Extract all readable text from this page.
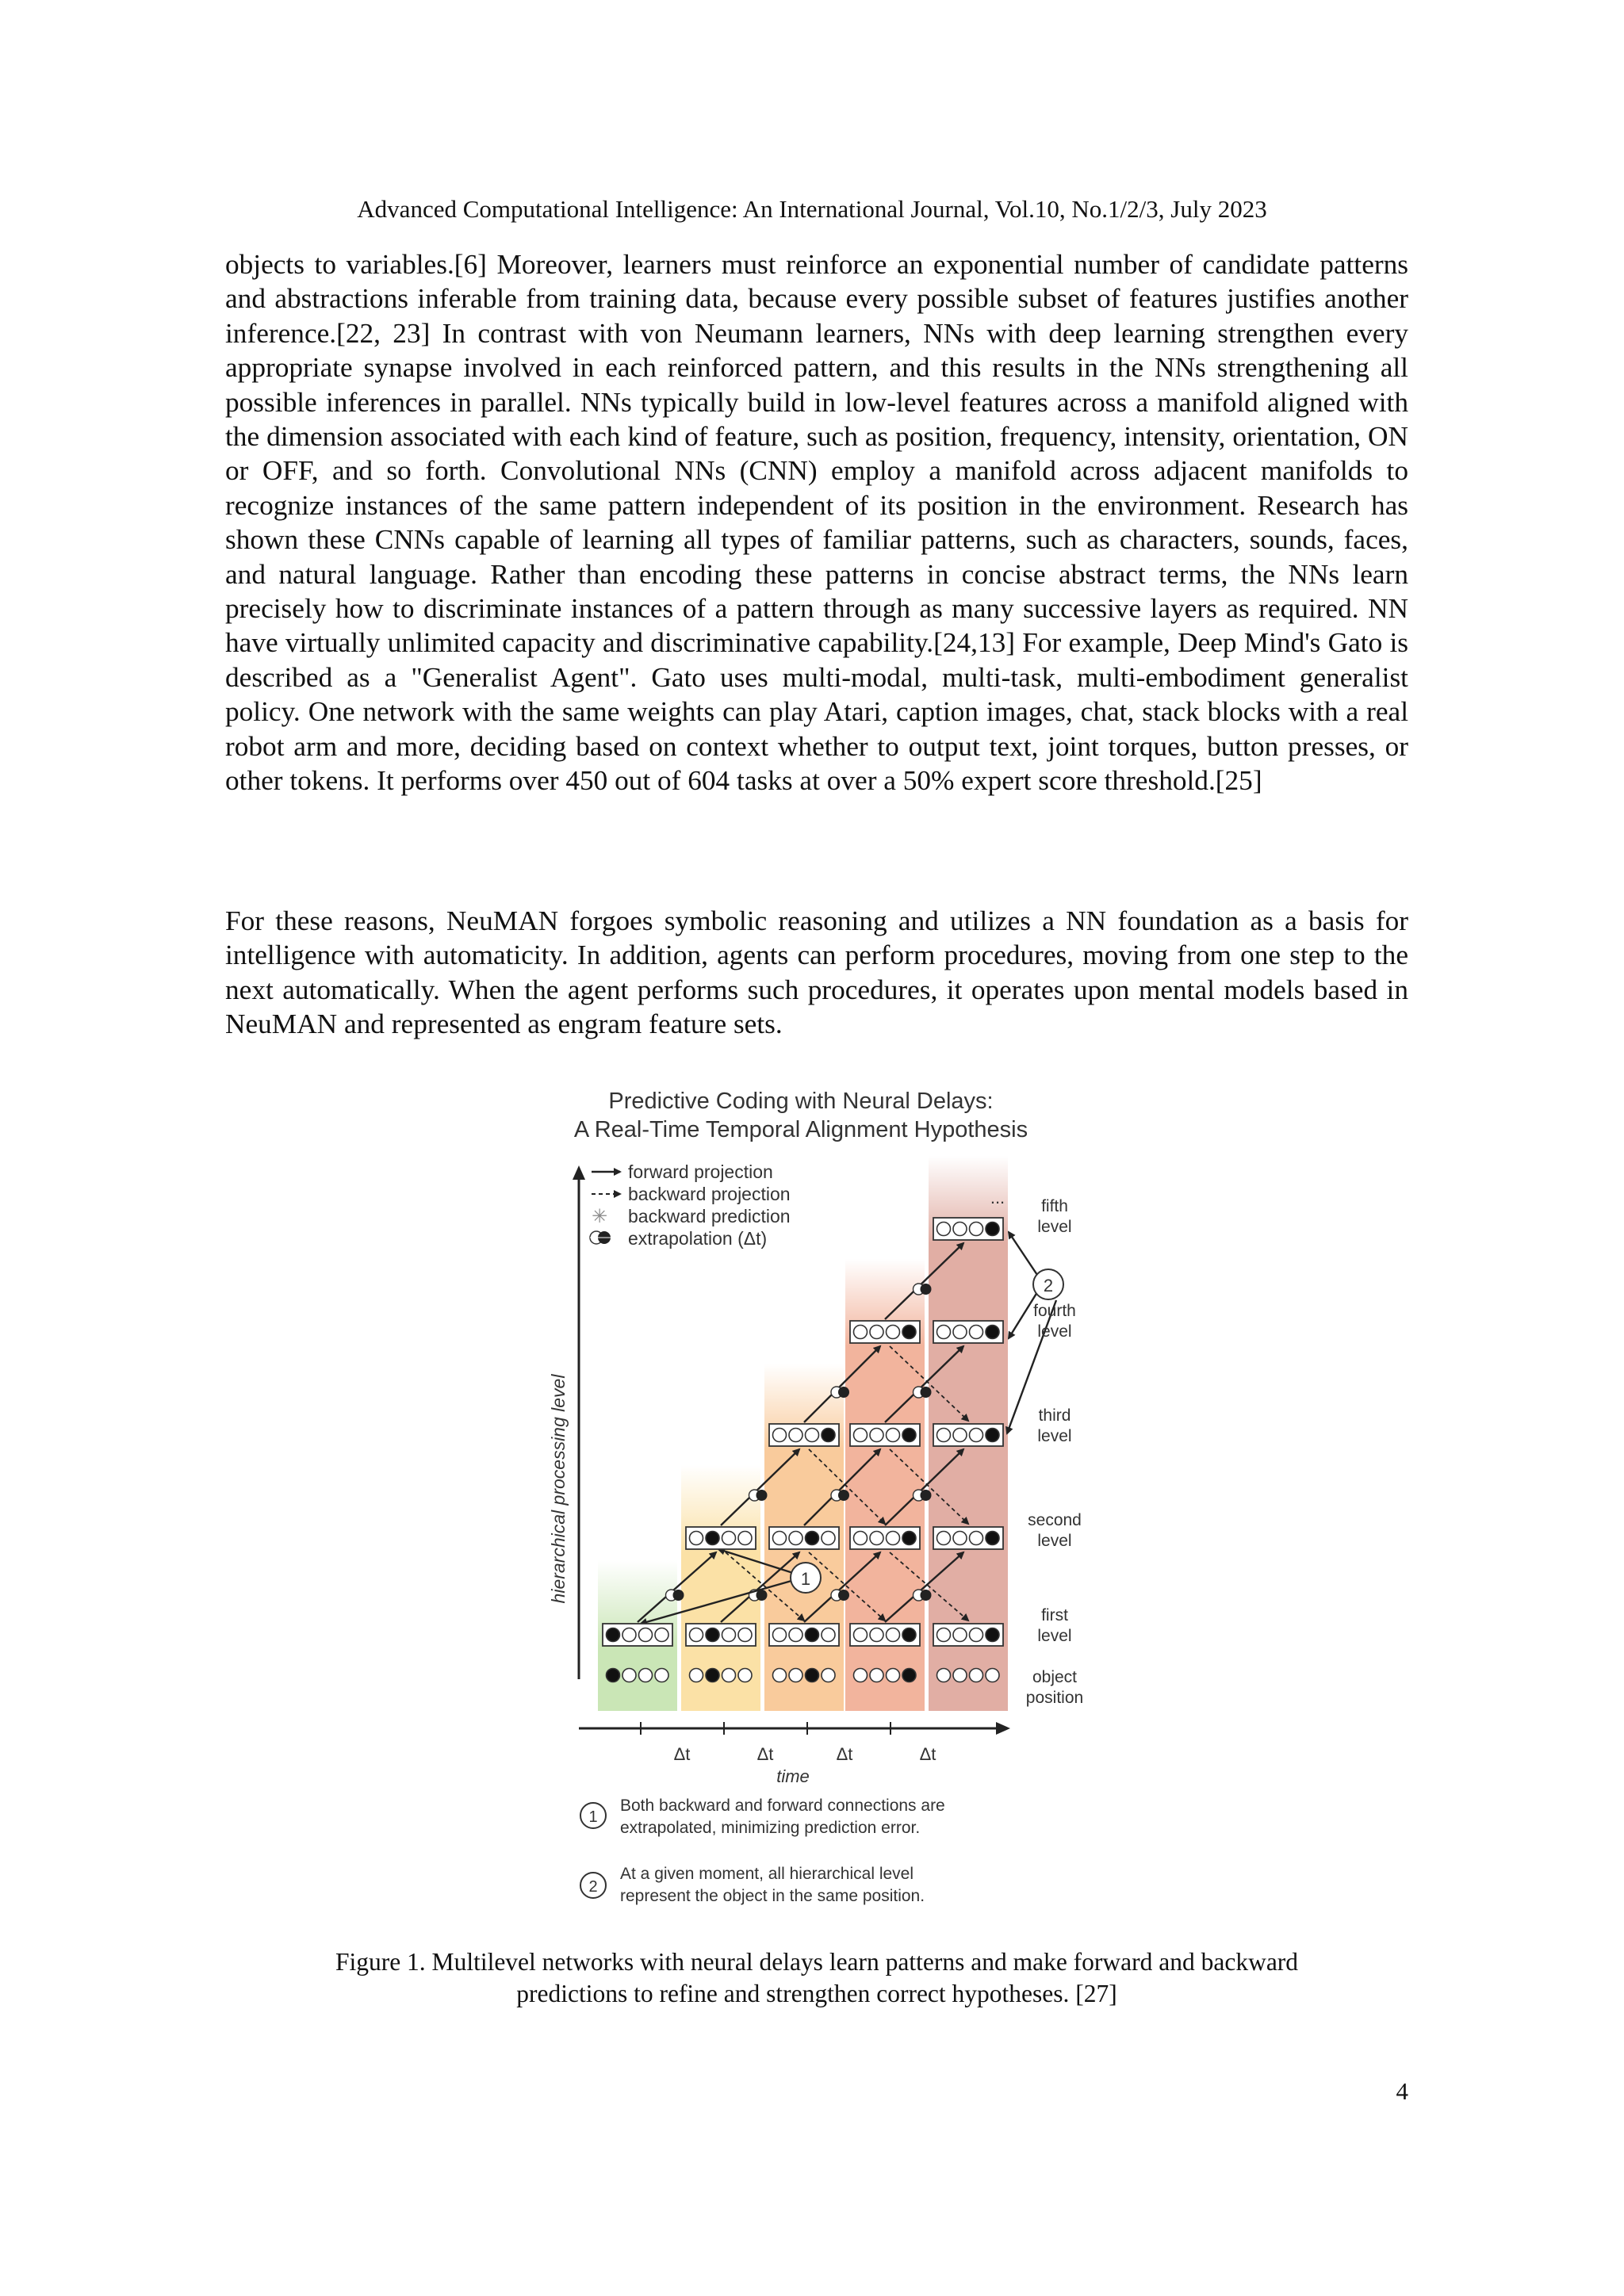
Advanced Computational Intelligence: An International Journal, Vol.10, No.1/2/3, July 2023

objects to variables.[6] Moreover, learners must reinforce an exponential number of candidate patterns and abstractions inferable from training data, because every possible subset of features justifies another inference.[22, 23] In contrast with von Neumann learners, NNs with deep learning strengthen every appropriate synapse involved in each reinforced pattern, and this results in the NNs strengthening all possible inferences in parallel. NNs typically build in low-level features across a manifold aligned with the dimension associated with each kind of feature, such as position, frequency, intensity, orientation, ON or OFF, and so forth. Convolutional NNs (CNN) employ a manifold across adjacent manifolds to recognize instances of the same pattern independent of its position in the environment. Research has shown these CNNs capable of learning all types of familiar patterns, such as characters, sounds, faces, and natural language. Rather than encoding these patterns in concise abstract terms, the NNs learn precisely how to discriminate instances of a pattern through as many successive layers as required. NN have virtually unlimited capacity and discriminative capability.[24,13] For example, Deep Mind's Gato is described as a "Generalist Agent". Gato uses multi-modal, multi-task, multi-embodiment generalist policy. One network with the same weights can play Atari, caption images, chat, stack blocks with a real robot arm and more, deciding based on context whether to output text, joint torques, button presses, or other tokens. It performs over 450 out of 604 tasks at over a 50% expert score threshold.[25]

For these reasons, NeuMAN forgoes symbolic reasoning and utilizes a NN foundation as a basis for intelligence with automaticity. In addition, agents can perform procedures, moving from one step to the next automatically. When the agent performs such procedures, it operates upon mental models based in NeuMAN and represented as engram feature sets.

Predictive Coding with Neural Delays:
A Real-Time Temporal Alignment Hypothesis
hierarchical processing level
forward projection
backward projection
✳ backward prediction
extrapolation (Δt)
...
1
2
fifth
level
fourth
level
third
level
second
level
first
level
object
position
Δt	Δt	Δt	Δt
time
1
Both backward and forward connections are
extrapolated, minimizing prediction error.
2
At a given moment, all hierarchical level
represent the object in the same position.
Figure 1. Multilevel networks with neural delays learn patterns and make forward and backward
predictions to refine and strengthen correct hypotheses. [27]
4
